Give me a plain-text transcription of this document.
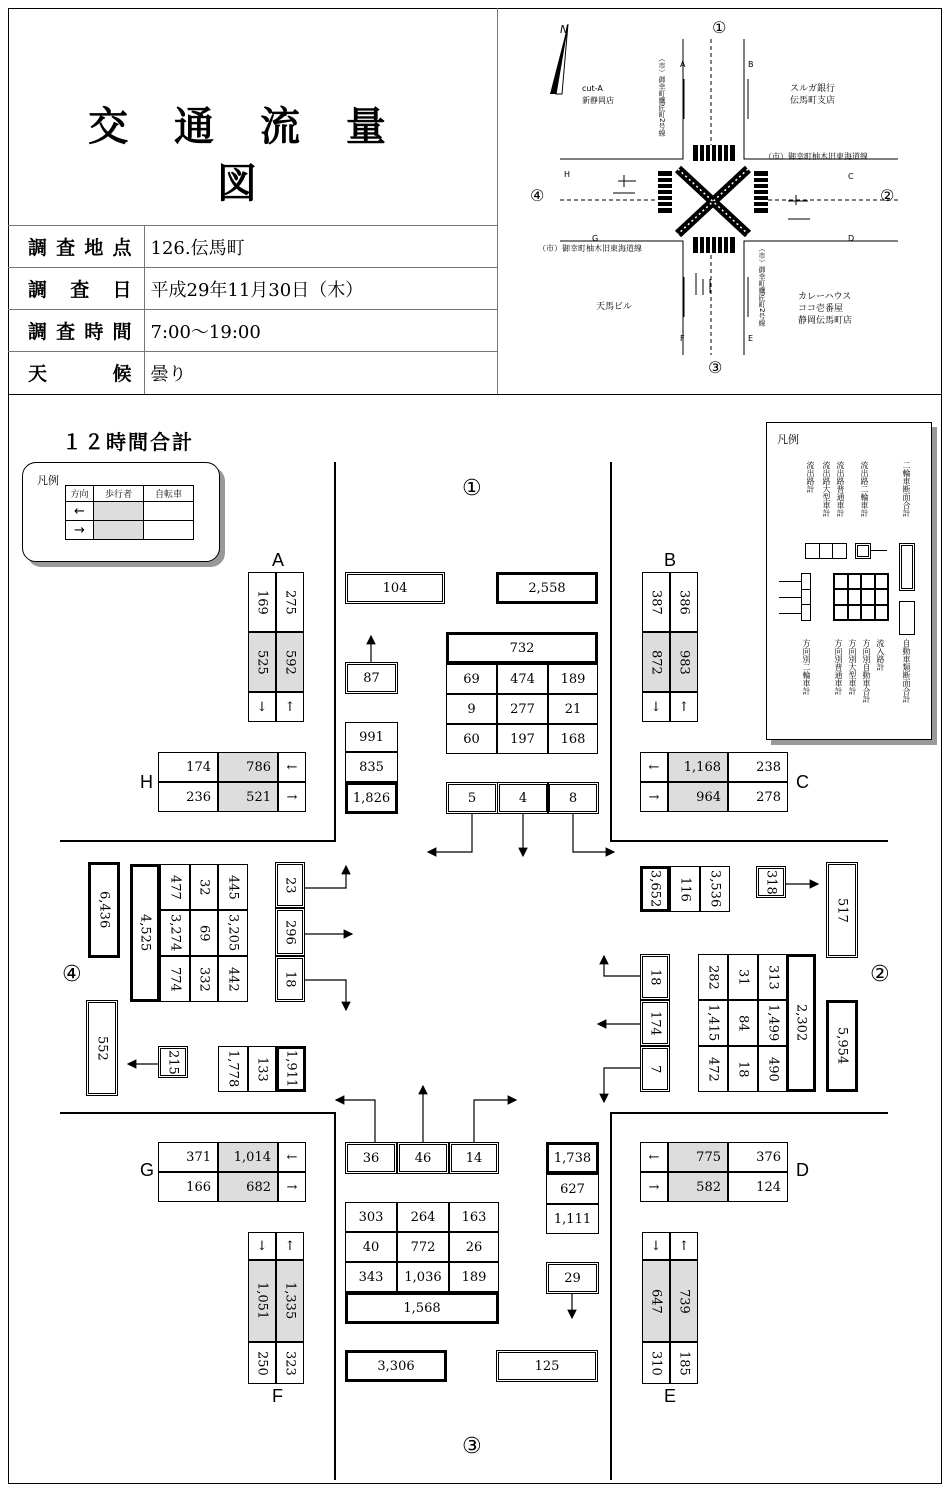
交 通 流 量 図
調査地点	126.伝馬町
調 査 日	平成29年11月30日（木）
調査時間	7:00～19:00
天 候	曇り
N
cut-A
新静岡店
スルガ銀行
伝馬町支店
天馬ビル
カレーハウス
ココ壱番屋
静岡伝馬町店
①
②
③
④
（市）御幸町鷹匠町2号線
（市）御幸町柚木旧東海道線
（市）御幸町柚木旧東海道線	（市）御幸町鷹匠町2号線
A	B
C
D
E
F
G
H
１２時間合計
①
②
③
④
凡例
方向	歩行者	自転車
←		
→		
凡例
流出路計 流出路大型車計 流出路普通車計 流出路二輪車計	二輪車断面合計
方向別二輪車計	方向別普通車計 方向別大型車計 方向別自動車合計 流入路計 自動車類断面合計
A
169	275
525	592
↓	↑
B
387	386
872	983
↓	↑
H
174	786	←
236	521	→
C
←	1,168	238
→	964	278
G
371	1,014	←
166	682	→
D
←	775	376
→	582	124
↓	↑
1,051	1,335
250	323
F
↓	↑
647	739
310	185
E
104	2,558
87
732
69	474	189
9	277	21
60	197	168
991
835
1,826	5	4	8
3,652	116	3,536	318
517
282	31	313
1,415	84	1,499
472	18	490
2,302
5,954
18
174
7
36	46	14	1,738
627
1,111
303	264	163
40	772	26
343	1,036	189
1,568
29
3,306	125
6,436
4,525
477	32	445
3,274	69	3,205
774	332	442
23
296
18
552
215	1,778	133	1,911
